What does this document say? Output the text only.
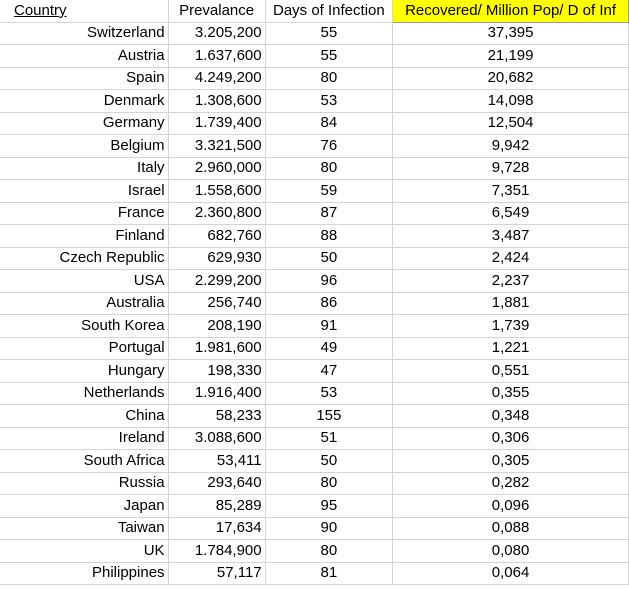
Country	Prevalance	Days of Infection	Recovered/ Million Pop/ D of Inf
Switzerland	3.205,200	55	37,395
Austria	1.637,600	55	21,199
Spain	4.249,200	80	20,682
Denmark	1.308,600	53	14,098
Germany	1.739,400	84	12,504
Belgium	3.321,500	76	9,942
Italy	2.960,000	80	9,728
Israel	1.558,600	59	7,351
France	2.360,800	87	6,549
Finland	682,760	88	3,487
Czech Republic	629,930	50	2,424
USA	2.299,200	96	2,237
Australia	256,740	86	1,881
South Korea	208,190	91	1,739
Portugal	1.981,600	49	1,221
Hungary	198,330	47	0,551
Netherlands	1.916,400	53	0,355
China	58,233	155	0,348
Ireland	3.088,600	51	0,306
South Africa	53,411	50	0,305
Russia	293,640	80	0,282
Japan	85,289	95	0,096
Taiwan	17,634	90	0,088
UK	1.784,900	80	0,080
Philippines	57,117	81	0,064
